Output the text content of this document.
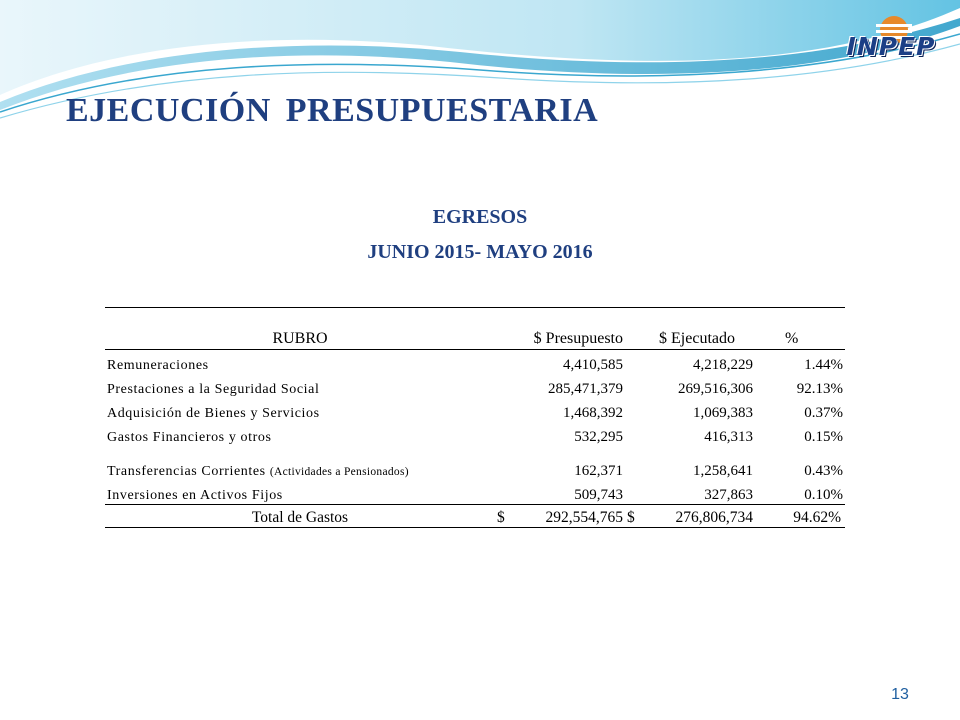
INPEP
EJECUCIÓN PRESUPUESTARIA
EGRESOS
JUNIO 2015- MAYO 2016
RUBRO	$ Presupuesto	$ Ejecutado	%
Remuneraciones	4,410,585	4,218,229	1.44%
Prestaciones a la Seguridad Social	285,471,379	269,516,306	92.13%
Adquisición de Bienes y Servicios	1,468,392	1,069,383	0.37%
Gastos Financieros y otros	532,295	416,313	0.15%
Transferencias Corrientes (Actividades a Pensionados)	162,371	1,258,641	0.43%
Inversiones en Activos Fijos	509,743	327,863	0.10%
Total de Gastos	$ 292,554,765	$ 276,806,734	94.62%
13
